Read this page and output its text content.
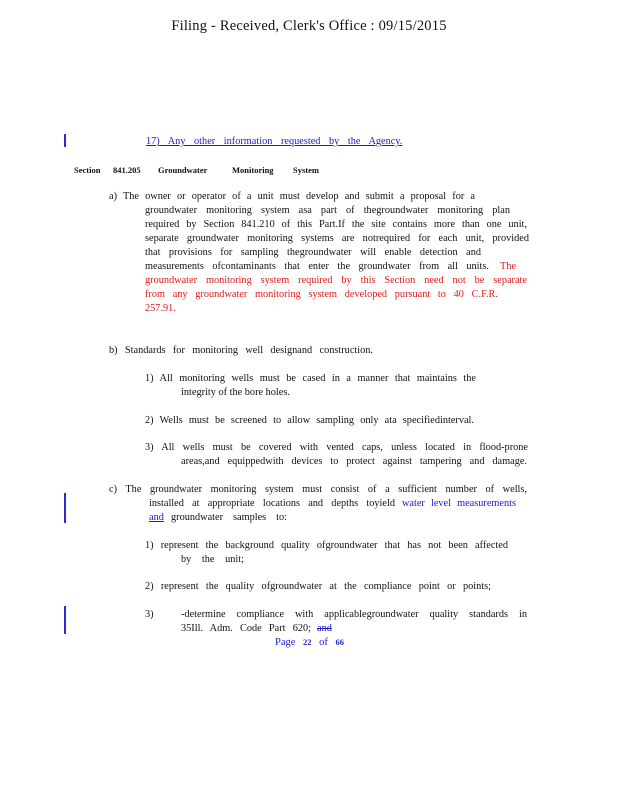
Filing - Received, Clerk's Office : 09/15/2015
17) Any other information requested by the Agency.
Section 841.205 Groundwater	Monitoring System
a) The owner or operator of a unit must develop and submit a proposal for a
groundwater monitoring system asa part of thegroundwater monitoring plan
required by Section 841.210 of this Part.If the site contains more than one unit,
separate groundwater monitoring systems are notrequired for each unit, provided
that provisions for sampling thegroundwater will enable detection and
measurements ofcontaminants that enter the groundwater from all units. The
groundwater monitoring system required by this Section need not be separate
from any groundwater monitoring system developed pursuant to 40 C.F.R.
257.91.
b) Standards for monitoring well designand construction.
1) All monitoring wells must be cased in a manner that maintains the
integrity of the bore holes.
2) Wells must be screened to allow sampling only ata specifiedinterval.
3) All wells must be covered with vented caps, unless located in flood-prone
areas,and equippedwith devices to protect against tampering and damage.
c) The groundwater monitoring system must consist of a sufficient number of wells,
installed at appropriate locations and depths toyield water level measurements
and groundwater samples to:
1) represent the background quality ofgroundwater that has not been affected
by the unit;
2) represent the quality ofgroundwater at the compliance point or points;
3)	-determine compliance with applicablegroundwater quality standards in
35Ill. Adm. Code Part 620; and
Page 22 of 66
